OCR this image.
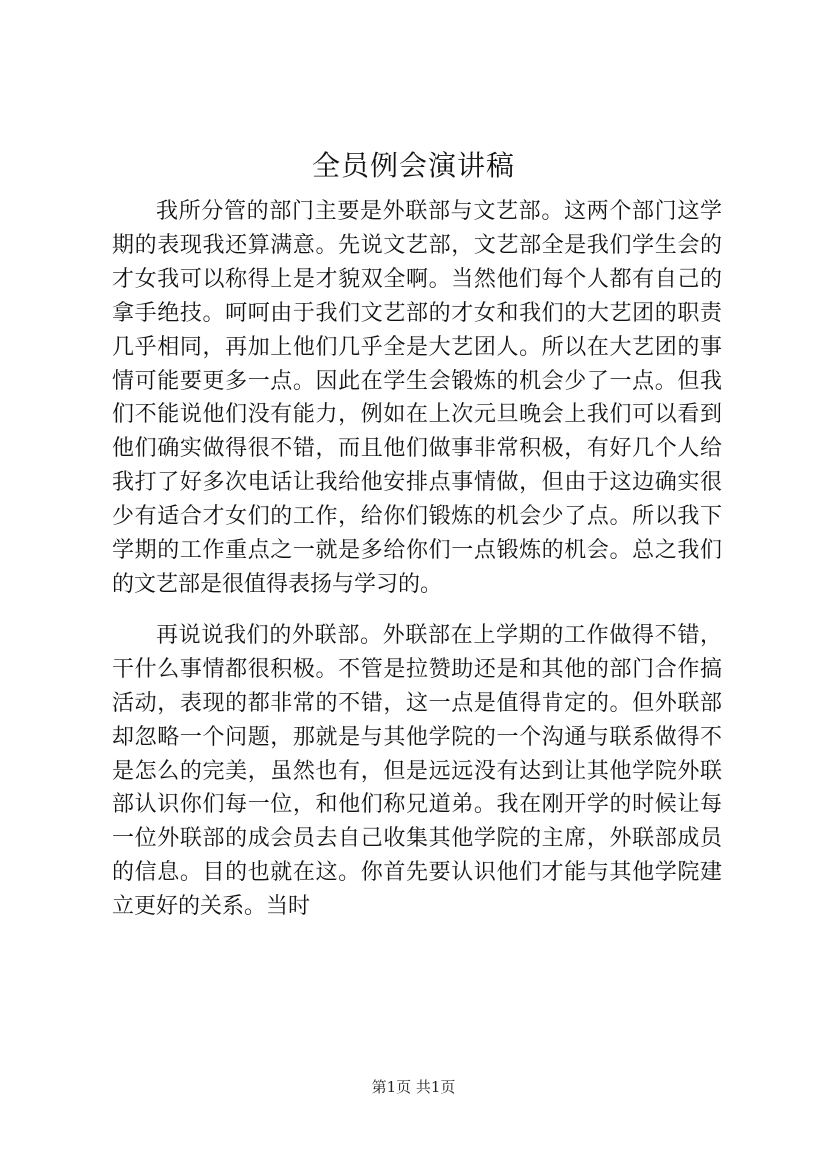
全员例会演讲稿

我所分管的部门主要是外联部与文艺部。这两个部门这学期的表现我还算满意。先说文艺部，文艺部全是我们学生会的才女我可以称得上是才貌双全啊。当然他们每个人都有自己的拿手绝技。呵呵由于我们文艺部的才女和我们的大艺团的职责几乎相同，再加上他们几乎全是大艺团人。所以在大艺团的事情可能要更多一点。因此在学生会锻炼的机会少了一点。但我们不能说他们没有能力，例如在上次元旦晚会上我们可以看到他们确实做得很不错，而且他们做事非常积极，有好几个人给我打了好多次电话让我给他安排点事情做，但由于这边确实很少有适合才女们的工作，给你们锻炼的机会少了点。所以我下学期的工作重点之一就是多给你们一点锻炼的机会。总之我们的文艺部是很值得表扬与学习的。

再说说我们的外联部。外联部在上学期的工作做得不错，干什么事情都很积极。不管是拉赞助还是和其他的部门合作搞活动，表现的都非常的不错，这一点是值得肯定的。但外联部却忽略一个问题，那就是与其他学院的一个沟通与联系做得不是怎么的完美，虽然也有，但是远远没有达到让其他学院外联部认识你们每一位，和他们称兄道弟。我在刚开学的时候让每一位外联部的成会员去自己收集其他学院的主席，外联部成员的信息。目的也就在这。你首先要认识他们才能与其他学院建立更好的关系。当时

第1页 共1页
